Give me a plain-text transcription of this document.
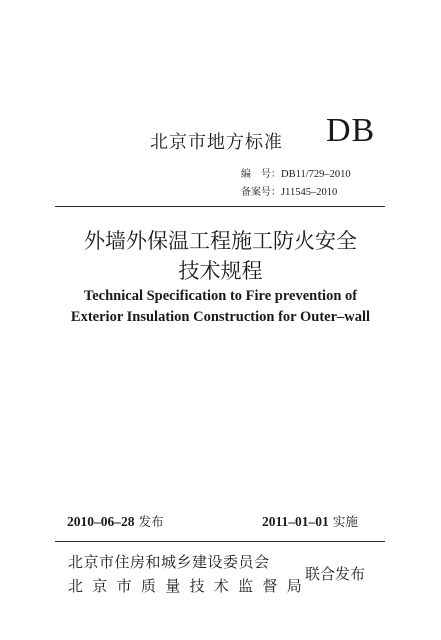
北京市地方标准 DB
编　号：DB11/729–2010
备案号：J11545–2010
外墙外保温工程施工防火安全
技术规程
Technical Specification to Fire prevention of
Exterior Insulation Construction for Outer–wall
2010–06–28 发布	2011–01–01 实施
北京市住房和城乡建设委员会
北京市质量技术监督局
联合发布
